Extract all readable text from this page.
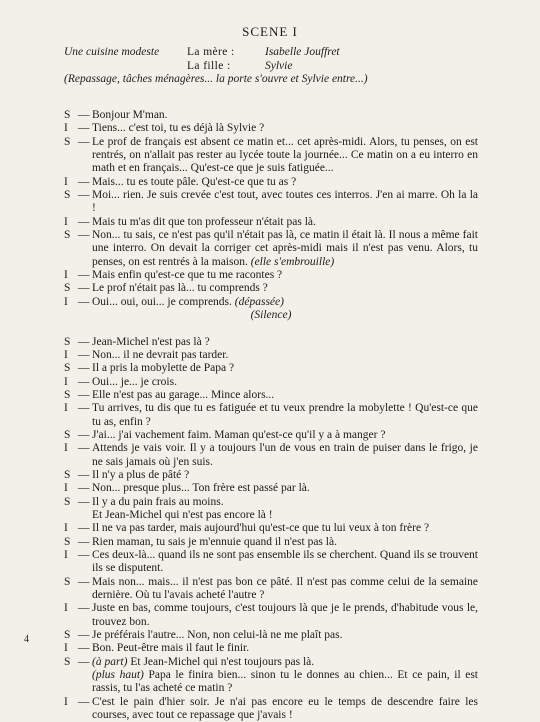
SCENE I
Une cuisine modeste	La mère :	Isabelle Jouffret
La fille :	Sylvie
(Repassage, tâches ménagères... la porte s'ouvre et Sylvie entre...)
S — Bonjour M'man.
I — Tiens... c'est toi, tu es déjà là Sylvie ?
S — Le prof de français est absent ce matin et... cet après-midi. Alors, tu penses, on est rentrés, on n'allait pas rester au lycée toute la journée... Ce matin on a eu interro en math et en français... Qu'est-ce que je suis fatiguée...
I — Mais... tu es toute pâle. Qu'est-ce que tu as ?
S — Moi... rien. Je suis crevée c'est tout, avec toutes ces interros. J'en ai marre. Oh la la !
I — Mais tu m'as dit que ton professeur n'était pas là.
S — Non... tu sais, ce n'est pas qu'il n'était pas là, ce matin il était là. Il nous a même fait une interro. On devait la corriger cet après-midi mais il n'est pas venu. Alors, tu penses, on est rentrés à la maison. (elle s'embrouille)
I — Mais enfin qu'est-ce que tu me racontes ?
S — Le prof n'était pas là... tu comprends ?
I — Oui... oui, oui... je comprends. (dépassée)
(Silence)
S — Jean-Michel n'est pas là ?
I — Non... il ne devrait pas tarder.
S — Il a pris la mobylette de Papa ?
I — Oui... je... je crois.
S — Elle n'est pas au garage... Mince alors...
I — Tu arrives, tu dis que tu es fatiguée et tu veux prendre la mobylette ! Qu'est-ce que tu as, enfin ?
S — J'ai... j'ai vachement faim. Maman qu'est-ce qu'il y a à manger ?
I — Attends je vais voir. Il y a toujours l'un de vous en train de puiser dans le frigo, je ne sais jamais où j'en suis.
S — Il n'y a plus de pâté ?
I — Non... presque plus... Ton frère est passé par là.
S — Il y a du pain frais au moins.
Et Jean-Michel qui n'est pas encore là !
I — Il ne va pas tarder, mais aujourd'hui qu'est-ce que tu lui veux à ton frère ?
S — Rien maman, tu sais je m'ennuie quand il n'est pas là.
I — Ces deux-là... quand ils ne sont pas ensemble ils se cherchent. Quand ils se trouvent ils se disputent.
S — Mais non... mais... il n'est pas bon ce pâté. Il n'est pas comme celui de la semaine dernière. Où tu l'avais acheté l'autre ?
I — Juste en bas, comme toujours, c'est toujours là que je le prends, d'habitude vous le, trouvez bon.
S — Je préférais l'autre... Non, non celui-là ne me plaît pas.
I — Bon. Peut-être mais il faut le finir.
S — (à part) Et Jean-Michel qui n'est toujours pas là.
(plus haut) Papa le finira bien... sinon tu le donnes au chien... Et ce pain, il est rassis, tu l'as acheté ce matin ?
I — C'est le pain d'hier soir. Je n'ai pas encore eu le temps de descendre faire les courses, avec tout ce repassage que j'avais !
4
